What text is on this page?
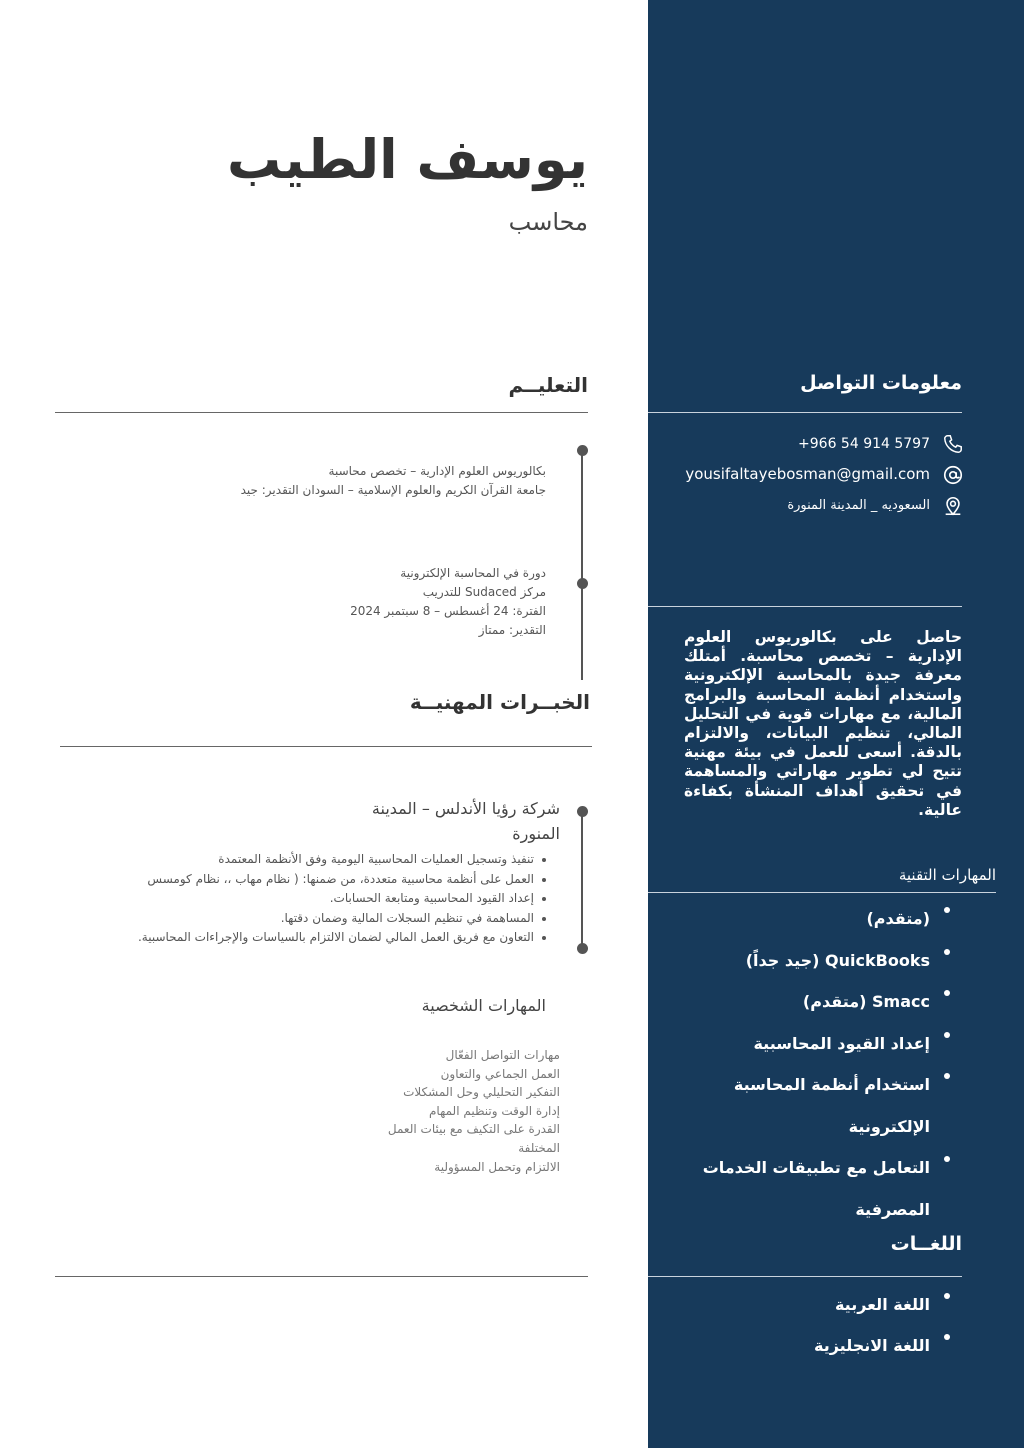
يوسف الطيب
محاسب
معلومات التواصل
+966 54 914 5797
yousifaltayebosman@gmail.com
السعوديه _ المدينة المنورة
حاصل على بكالوريوس العلوم الإدارية – تخصص محاسبة. أمتلك معرفة جيدة بالمحاسبة الإلكترونية واستخدام أنظمة المحاسبة والبرامج المالية، مع مهارات قوية في التحليل المالي، تنظيم البيانات، والالتزام بالدقة. أسعى للعمل في بيئة مهنية تتيح لي تطوير مهاراتي والمساهمة في تحقيق أهداف المنشأة بكفاءة عالية.
المهارات التقنية
(متقدم)
QuickBooks (جيد جداً)
Smacc (متقدم)
إعداد القيود المحاسبية
استخدام أنظمة المحاسبة
الإلكترونية
التعامل مع تطبيقات الخدمات
المصرفية
اللغــات
اللغة العربية
اللغة الانجليزية
التعليــم
بكالوريوس العلوم الإدارية – تخصص محاسبة
جامعة القرآن الكريم والعلوم الإسلامية – السودان التقدير: جيد
دورة في المحاسبة الإلكترونية
مركز Sudaced للتدريب
الفترة: 24 أغسطس – 8 سبتمبر 2024
التقدير: ممتاز
الخبــرات المهنيــة
شركة رؤيا الأندلس – المدينة
المنورة
تنفيذ وتسجيل العمليات المحاسبية اليومية وفق الأنظمة المعتمدة
العمل على أنظمة محاسبية متعددة، من ضمنها: ( نظام مهاب ،، نظام كومسس
إعداد القيود المحاسبية ومتابعة الحسابات.
المساهمة في تنظيم السجلات المالية وضمان دقتها.
التعاون مع فريق العمل المالي لضمان الالتزام بالسياسات والإجراءات المحاسبية.
المهارات الشخصية
مهارات التواصل الفعّال
العمل الجماعي والتعاون
التفكير التحليلي وحل المشكلات
إدارة الوقت وتنظيم المهام
القدرة على التكيف مع بيئات العمل
المختلفة
الالتزام وتحمل المسؤولية
